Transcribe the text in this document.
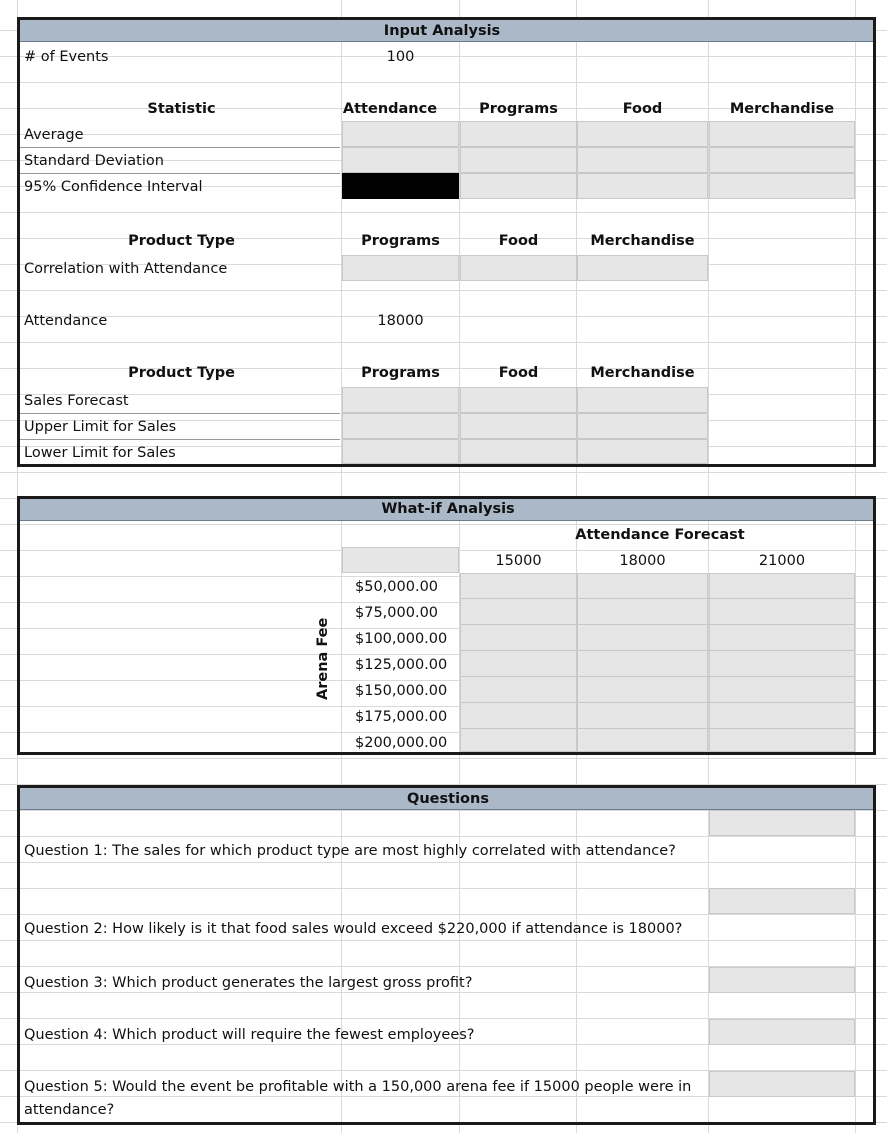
Input Analysis
# of Events	100
Statistic	Attendance	Programs	Food	Merchandise
Average
Standard Deviation
95% Confidence Interval
Product Type	Programs	Food	Merchandise
Correlation with Attendance
Attendance	18000
Product Type	Programs	Food	Merchandise
Sales Forecast
Upper Limit for Sales
Lower Limit for Sales
What-if Analysis
Attendance Forecast
15000	18000	21000
Arena Fee
$50,000.00
$75,000.00
$100,000.00
$125,000.00
$150,000.00
$175,000.00
$200,000.00
Questions
Question 1: The sales for which product type are most highly correlated with attendance?
Question 2: How likely is it that food sales would exceed $220,000 if attendance is 18000?
Question 3: Which product generates the largest gross profit?
Question 4: Which product will require the fewest employees?
Question 5: Would the event be profitable with a 150,000 arena fee if 15000 people were in
attendance?
